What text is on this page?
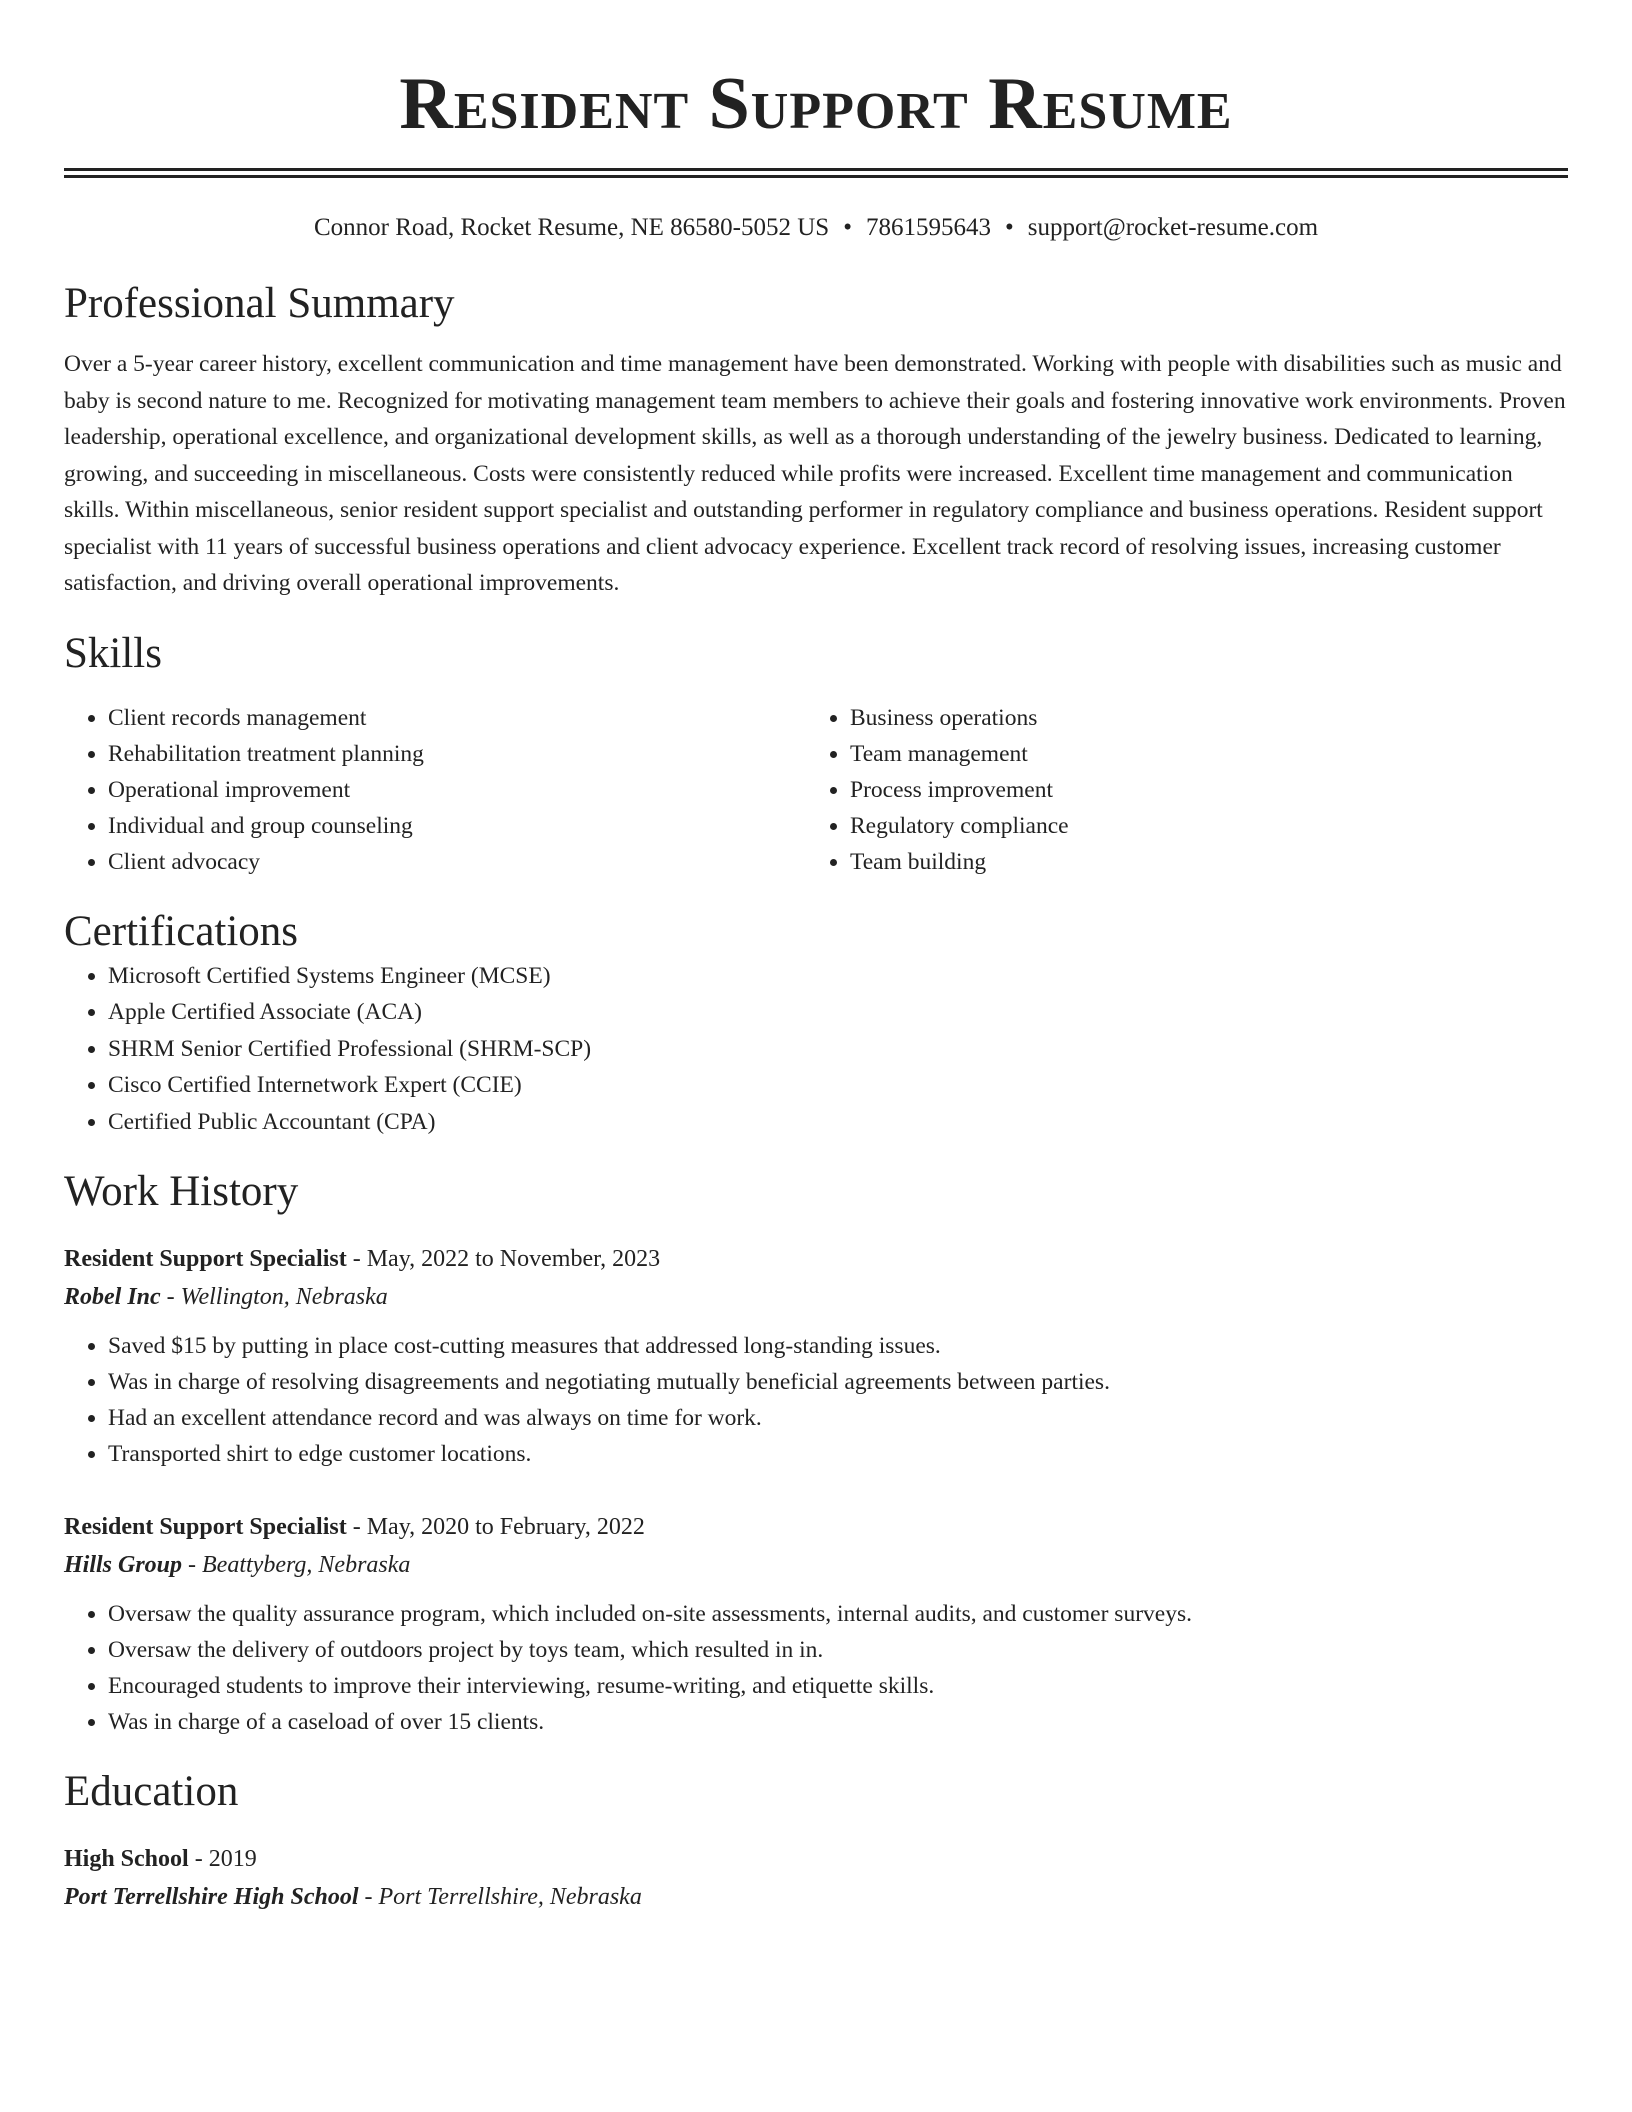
Resident Support Resume
Connor Road, Rocket Resume, NE 86580-5052 US • 7861595643 • support@rocket-resume.com
Professional Summary
Over a 5-year career history, excellent communication and time management have been demonstrated. Working with people with disabilities such as music and baby is second nature to me. Recognized for motivating management team members to achieve their goals and fostering innovative work environments. Proven leadership, operational excellence, and organizational development skills, as well as a thorough understanding of the jewelry business. Dedicated to learning, growing, and succeeding in miscellaneous. Costs were consistently reduced while profits were increased. Excellent time management and communication skills. Within miscellaneous, senior resident support specialist and outstanding performer in regulatory compliance and business operations. Resident support specialist with 11 years of successful business operations and client advocacy experience. Excellent track record of resolving issues, increasing customer satisfaction, and driving overall operational improvements.
Skills
• Client records management
• Rehabilitation treatment planning
• Operational improvement
• Individual and group counseling
• Client advocacy
• Business operations
• Team management
• Process improvement
• Regulatory compliance
• Team building
Certifications
• Microsoft Certified Systems Engineer (MCSE)
• Apple Certified Associate (ACA)
• SHRM Senior Certified Professional (SHRM-SCP)
• Cisco Certified Internetwork Expert (CCIE)
• Certified Public Accountant (CPA)
Work History
Resident Support Specialist - May, 2022 to November, 2023
Robel Inc - Wellington, Nebraska
• Saved $15 by putting in place cost-cutting measures that addressed long-standing issues.
• Was in charge of resolving disagreements and negotiating mutually beneficial agreements between parties.
• Had an excellent attendance record and was always on time for work.
• Transported shirt to edge customer locations.
Resident Support Specialist - May, 2020 to February, 2022
Hills Group - Beattyberg, Nebraska
• Oversaw the quality assurance program, which included on-site assessments, internal audits, and customer surveys.
• Oversaw the delivery of outdoors project by toys team, which resulted in in.
• Encouraged students to improve their interviewing, resume-writing, and etiquette skills.
• Was in charge of a caseload of over 15 clients.
Education
High School - 2019
Port Terrellshire High School - Port Terrellshire, Nebraska
